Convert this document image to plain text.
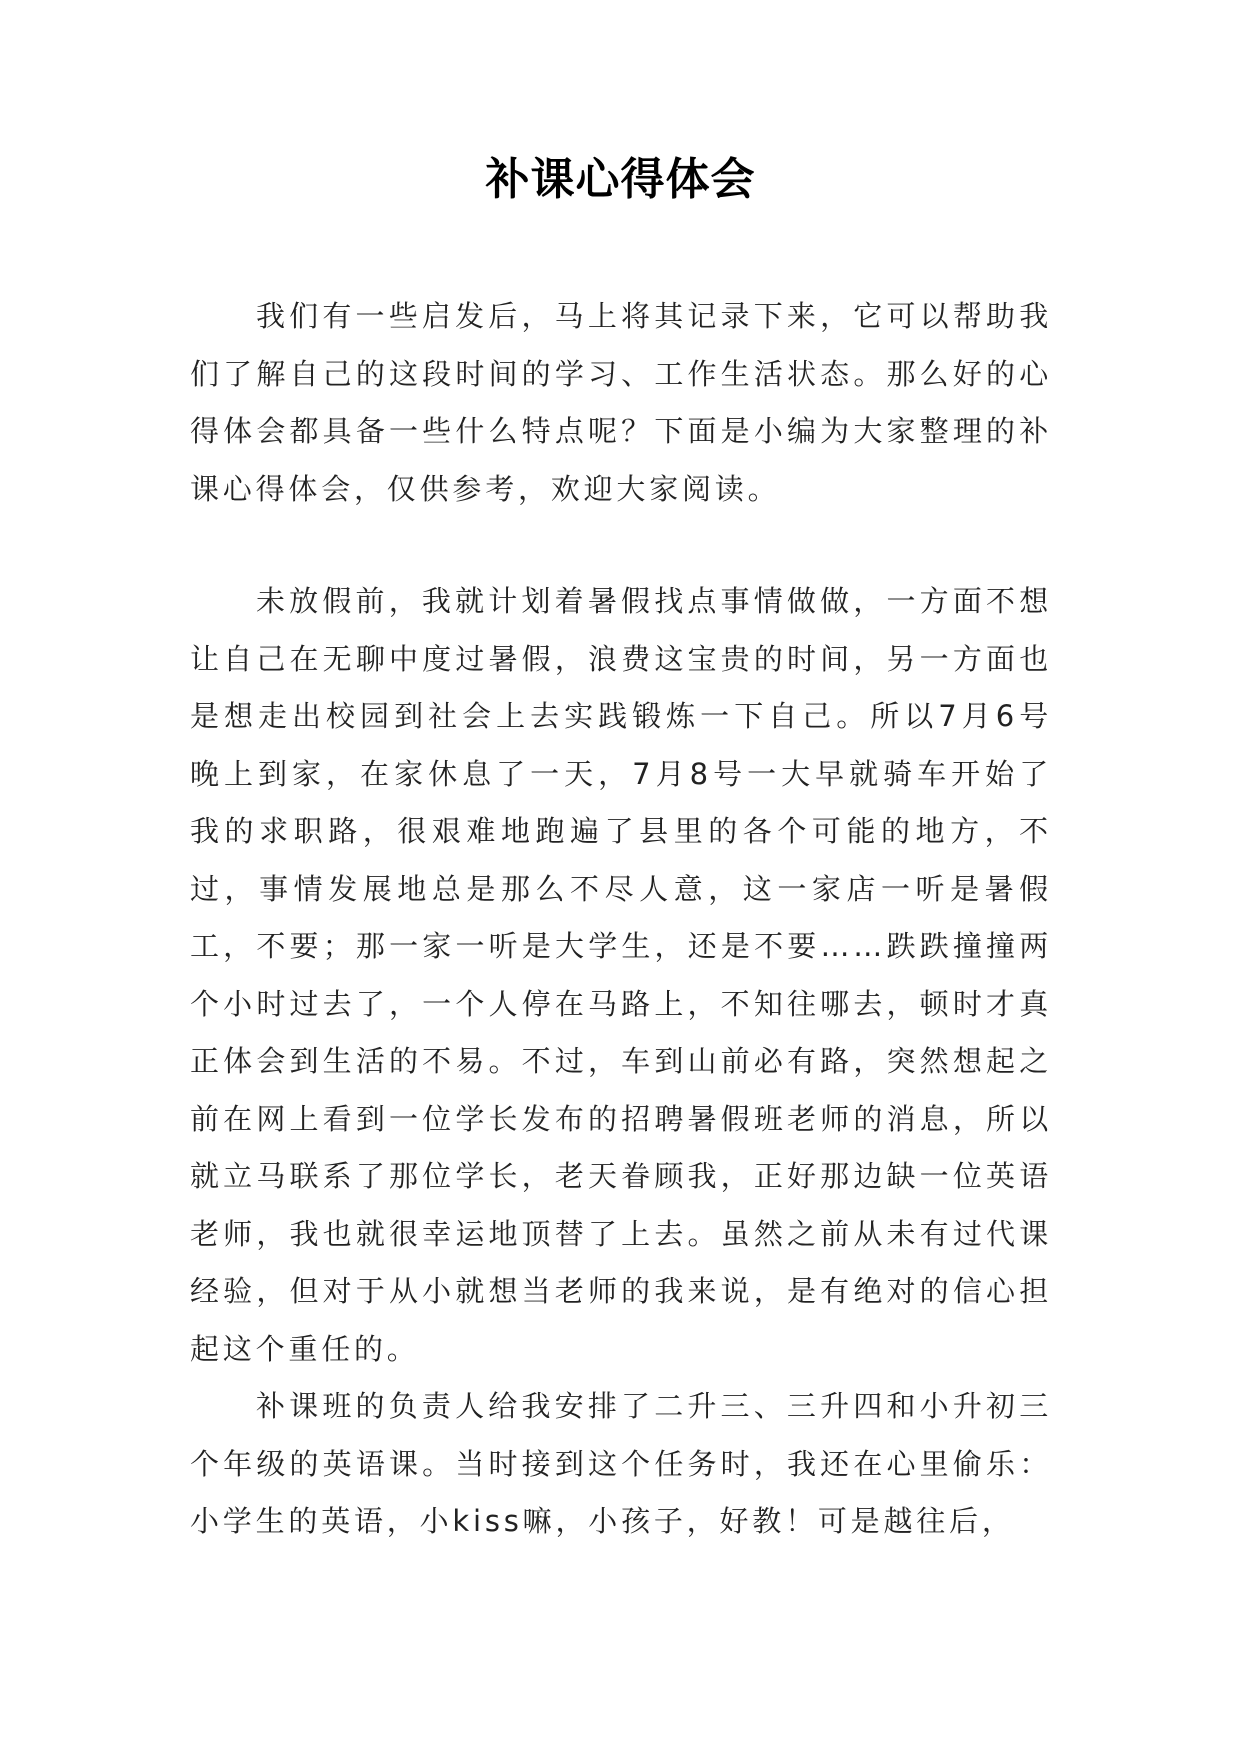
补课心得体会

我们有一些启发后，马上将其记录下来，它可以帮助我们了解自己的这段时间的学习、工作生活状态。那么好的心得体会都具备一些什么特点呢？下面是小编为大家整理的补课心得体会，仅供参考，欢迎大家阅读。

未放假前，我就计划着暑假找点事情做做，一方面不想让自己在无聊中度过暑假，浪费这宝贵的时间，另一方面也是想走出校园到社会上去实践锻炼一下自己。所以7月6号晚上到家，在家休息了一天，7月8号一大早就骑车开始了我的求职路，很艰难地跑遍了县里的各个可能的地方，不过，事情发展地总是那么不尽人意，这一家店一听是暑假工，不要；那一家一听是大学生，还是不要……跌跌撞撞两个小时过去了，一个人停在马路上，不知往哪去，顿时才真正体会到生活的不易。不过，车到山前必有路，突然想起之前在网上看到一位学长发布的招聘暑假班老师的消息，所以就立马联系了那位学长，老天眷顾我，正好那边缺一位英语老师，我也就很幸运地顶替了上去。虽然之前从未有过代课经验，但对于从小就想当老师的我来说，是有绝对的信心担起这个重任的。

补课班的负责人给我安排了二升三、三升四和小升初三个年级的英语课。当时接到这个任务时，我还在心里偷乐：小学生的英语，小kiss嘛，小孩子，好教！可是越往后，
